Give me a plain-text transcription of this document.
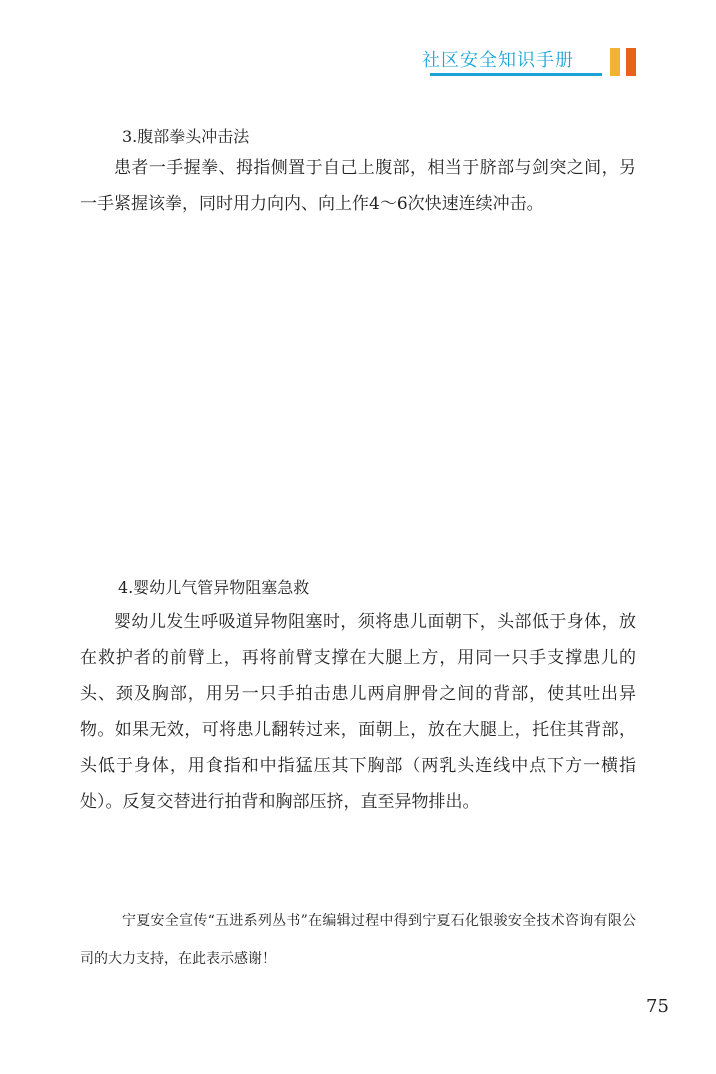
社区安全知识手册
3.腹部拳头冲击法

患者一手握拳、拇指侧置于自己上腹部，相当于脐部与剑突之间，另一手紧握该拳，同时用力向内、向上作4～6次快速连续冲击。

4.婴幼儿气管异物阻塞急救

婴幼儿发生呼吸道异物阻塞时，须将患儿面朝下，头部低于身体，放在救护者的前臂上，再将前臂支撑在大腿上方，用同一只手支撑患儿的头、颈及胸部，用另一只手拍击患儿两肩胛骨之间的背部，使其吐出异物。如果无效，可将患儿翻转过来，面朝上，放在大腿上，托住其背部，头低于身体，用食指和中指猛压其下胸部（两乳头连线中点下方一横指处）。反复交替进行拍背和胸部压挤，直至异物排出。

宁夏安全宣传“五进系列丛书”在编辑过程中得到宁夏石化银骏安全技术咨询有限公司的大力支持，在此表示感谢！

75
